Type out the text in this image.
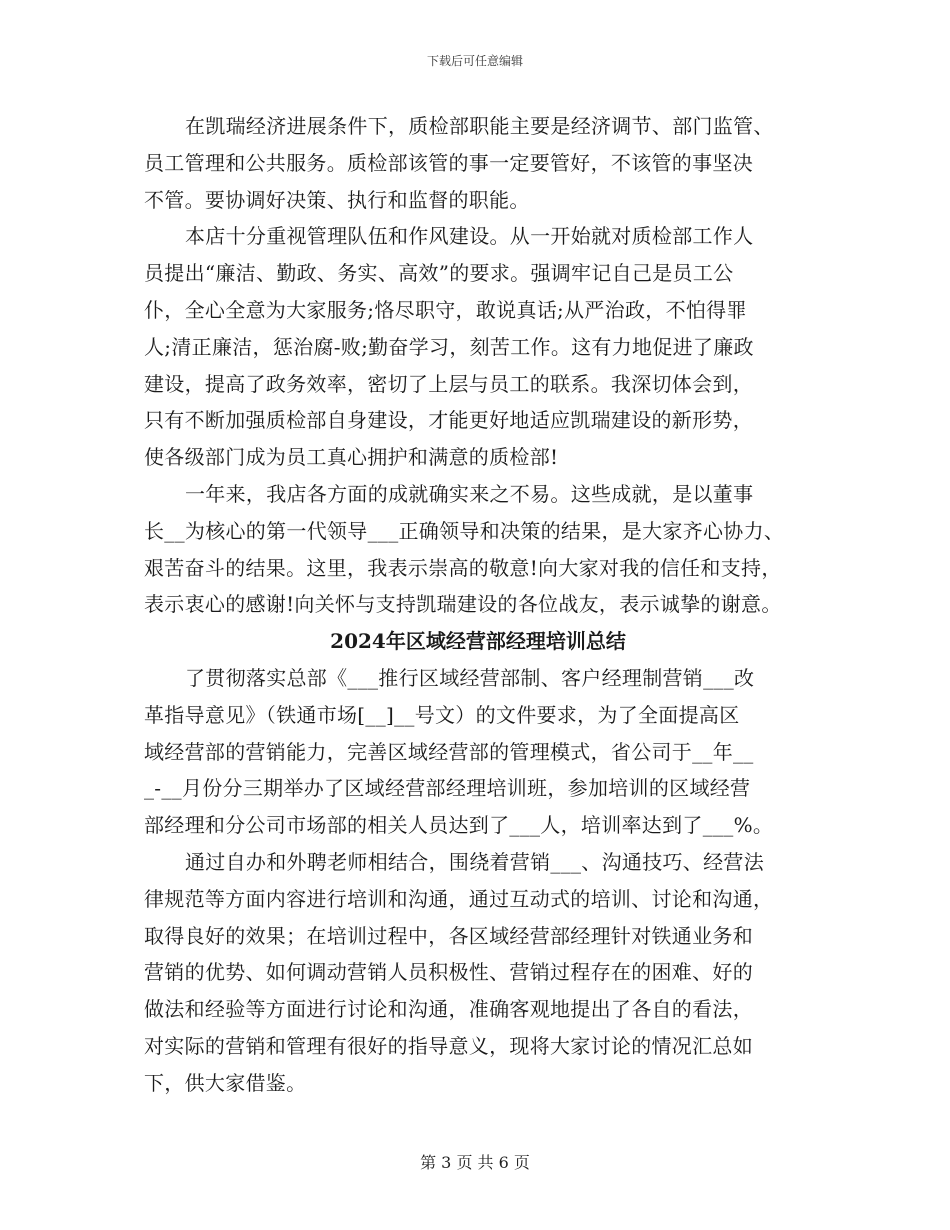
下载后可任意编辑
在凯瑞经济进展条件下，质检部职能主要是经济调节、部门监管、
员工管理和公共服务。质检部该管的事一定要管好，不该管的事坚决
不管。要协调好决策、执行和监督的职能。
本店十分重视管理队伍和作风建设。从一开始就对质检部工作人
员提出“廉洁、勤政、务实、高效”的要求。强调牢记自己是员工公
仆，全心全意为大家服务;恪尽职守，敢说真话;从严治政，不怕得罪
人;清正廉洁，惩治腐-败;勤奋学习，刻苦工作。这有力地促进了廉政
建设，提高了政务效率，密切了上层与员工的联系。我深切体会到，
只有不断加强质检部自身建设，才能更好地适应凯瑞建设的新形势，
使各级部门成为员工真心拥护和满意的质检部!
一年来，我店各方面的成就确实来之不易。这些成就，是以董事
长__为核心的第一代领导___正确领导和决策的结果，是大家齐心协力、
艰苦奋斗的结果。这里，我表示崇高的敬意!向大家对我的信任和支持，
表示衷心的感谢!向关怀与支持凯瑞建设的各位战友，表示诚挚的谢意。
2024年区域经营部经理培训总结
了贯彻落实总部《___推行区域经营部制、客户经理制营销___改
革指导意见》（铁通市场[__]__号文）的文件要求，为了全面提高区
域经营部的营销能力，完善区域经营部的管理模式，省公司于__年__
_-__月份分三期举办了区域经营部经理培训班，参加培训的区域经营
部经理和分公司市场部的相关人员达到了___人，培训率达到了___%。
通过自办和外聘老师相结合，围绕着营销___、沟通技巧、经营法
律规范等方面内容进行培训和沟通，通过互动式的培训、讨论和沟通，
取得良好的效果；在培训过程中，各区域经营部经理针对铁通业务和
营销的优势、如何调动营销人员积极性、营销过程存在的困难、好的
做法和经验等方面进行讨论和沟通，准确客观地提出了各自的看法，
对实际的营销和管理有很好的指导意义，现将大家讨论的情况汇总如
下，供大家借鉴。
第 3 页 共 6 页
